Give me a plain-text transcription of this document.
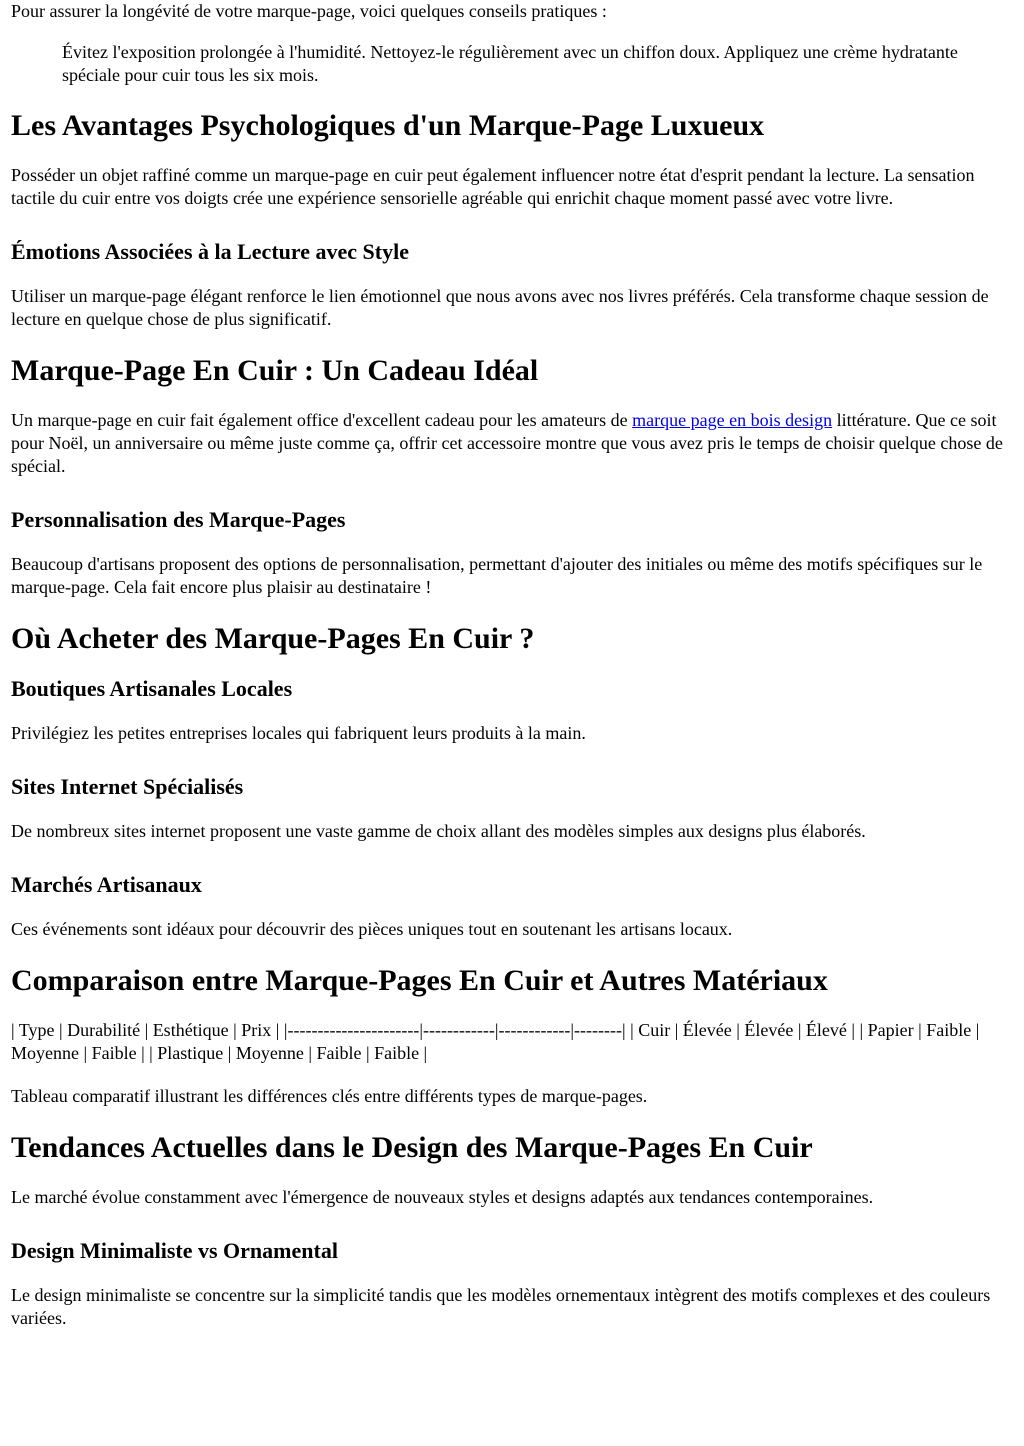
Pour assurer la longévité de votre marque-page, voici quelques conseils pratiques :

Évitez l'exposition prolongée à l'humidité. Nettoyez-le régulièrement avec un chiffon doux. Appliquez une crème hydratante spéciale pour cuir tous les six mois.
Les Avantages Psychologiques d'un Marque-Page Luxueux

Posséder un objet raffiné comme un marque-page en cuir peut également influencer notre état d'esprit pendant la lecture. La sensation tactile du cuir entre vos doigts crée une expérience sensorielle agréable qui enrichit chaque moment passé avec votre livre.

Émotions Associées à la Lecture avec Style

Utiliser un marque-page élégant renforce le lien émotionnel que nous avons avec nos livres préférés. Cela transforme chaque session de lecture en quelque chose de plus significatif.

Marque-Page En Cuir : Un Cadeau Idéal

Un marque-page en cuir fait également office d'excellent cadeau pour les amateurs de marque page en bois design littérature. Que ce soit pour Noël, un anniversaire ou même juste comme ça, offrir cet accessoire montre que vous avez pris le temps de choisir quelque chose de spécial.

Personnalisation des Marque-Pages

Beaucoup d'artisans proposent des options de personnalisation, permettant d'ajouter des initiales ou même des motifs spécifiques sur le marque-page. Cela fait encore plus plaisir au destinataire !

Où Acheter des Marque-Pages En Cuir ?
Boutiques Artisanales Locales

Privilégiez les petites entreprises locales qui fabriquent leurs produits à la main.

Sites Internet Spécialisés

De nombreux sites internet proposent une vaste gamme de choix allant des modèles simples aux designs plus élaborés.

Marchés Artisanaux

Ces événements sont idéaux pour découvrir des pièces uniques tout en soutenant les artisans locaux.

Comparaison entre Marque-Pages En Cuir et Autres Matériaux

| Type | Durabilité | Esthétique | Prix | |----------------------|------------|------------|--------| | Cuir | Élevée | Élevée | Élevé | | Papier | Faible | Moyenne | Faible | | Plastique | Moyenne | Faible | Faible |

Tableau comparatif illustrant les différences clés entre différents types de marque-pages.

Tendances Actuelles dans le Design des Marque-Pages En Cuir

Le marché évolue constamment avec l'émergence de nouveaux styles et designs adaptés aux tendances contemporaines.

Design Minimaliste vs Ornamental

Le design minimaliste se concentre sur la simplicité tandis que les modèles ornementaux intègrent des motifs complexes et des couleurs variées.
